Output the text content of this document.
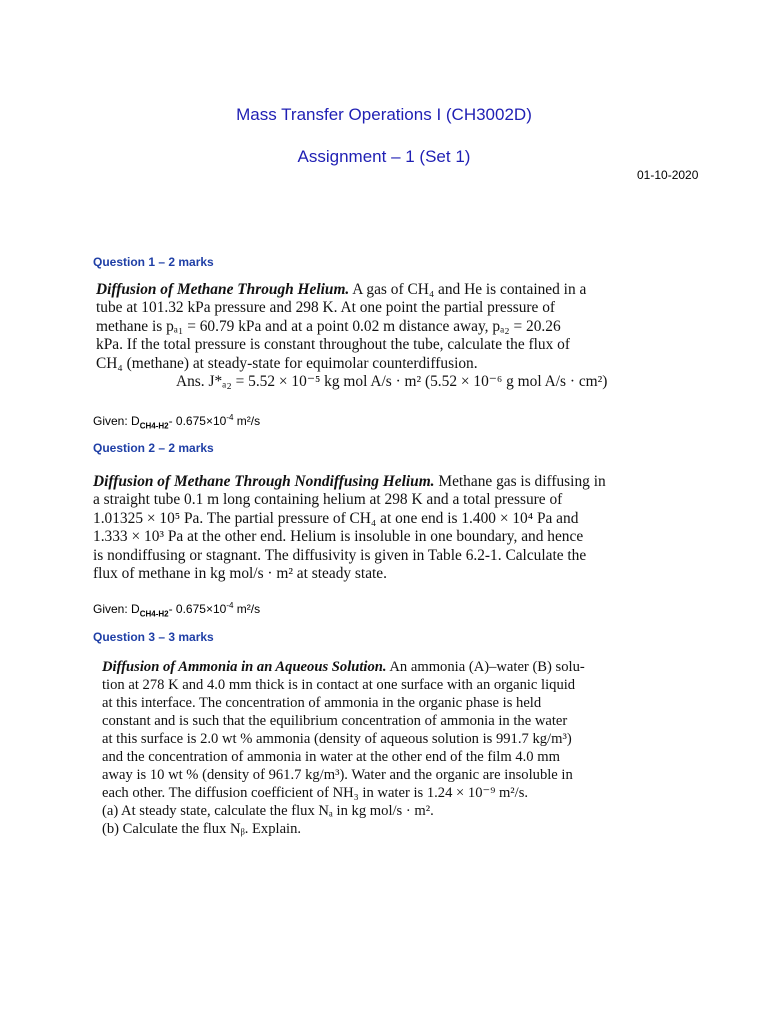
Mass Transfer Operations I (CH3002D)
Assignment – 1 (Set 1)
01-10-2020
Question 1 – 2 marks
Diffusion of Methane Through Helium. A gas of CH₄ and He is contained in a
tube at 101.32 kPa pressure and 298 K. At one point the partial pressure of
methane is pₐ₁ = 60.79 kPa and at a point 0.02 m distance away, pₐ₂ = 20.26
kPa. If the total pressure is constant throughout the tube, calculate the flux of
CH₄ (methane) at steady-state for equimolar counterdiffusion.
Ans. J*ₐ₂ = 5.52 × 10⁻⁵ kg mol A/s · m² (5.52 × 10⁻⁶ g mol A/s · cm²)
Given: $D_{CH4-H2}-$ $0.675\times 10^{-4}$ m²/s
Question 2 – 2 marks
Diffusion of Methane Through Nondiffusing Helium. Methane gas is diffusing in
a straight tube 0.1 m long containing helium at 298 K and a total pressure of
1.01325 × 10⁵ Pa. The partial pressure of CH₄ at one end is 1.400 × 10⁴ Pa and
1.333 × 10³ Pa at the other end. Helium is insoluble in one boundary, and hence
is nondiffusing or stagnant. The diffusivity is given in Table 6.2-1. Calculate the
flux of methane in kg mol/s · m² at steady state.
Given: $D_{CH4-H2}-$ $0.675\times 10^{-4}$ m²/s
Question 3 – 3 marks
Diffusion of Ammonia in an Aqueous Solution. An ammonia (A)–water (B) solu-
tion at 278 K and 4.0 mm thick is in contact at one surface with an organic liquid
at this interface. The concentration of ammonia in the organic phase is held
constant and is such that the equilibrium concentration of ammonia in the water
at this surface is 2.0 wt % ammonia (density of aqueous solution is 991.7 kg/m³)
and the concentration of ammonia in water at the other end of the film 4.0 mm
away is 10 wt % (density of 961.7 kg/m³). Water and the organic are insoluble in
each other. The diffusion coefficient of NH₃ in water is 1.24 × 10⁻⁹ m²/s.
(a) At steady state, calculate the flux Nₐ in kg mol/s · m².
(b) Calculate the flux Nᵦ. Explain.
